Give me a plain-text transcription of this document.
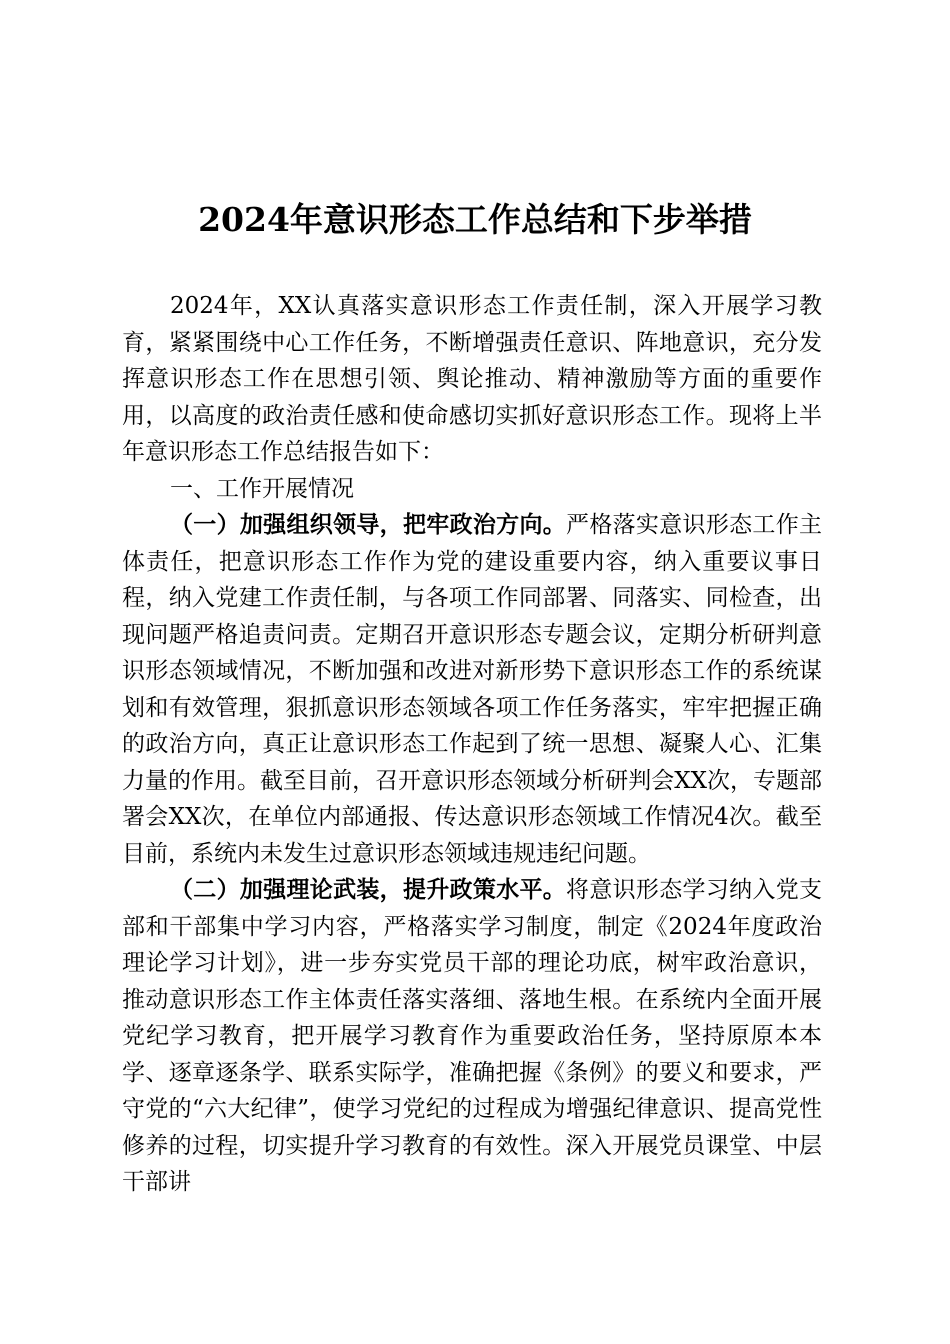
2024年意识形态工作总结和下步举措

2024年，XX认真落实意识形态工作责任制，深入开展学习教育，紧紧围绕中心工作任务，不断增强责任意识、阵地意识，充分发挥意识形态工作在思想引领、舆论推动、精神激励等方面的重要作用，以高度的政治责任感和使命感切实抓好意识形态工作。现将上半年意识形态工作总结报告如下：

一、工作开展情况

（一）加强组织领导，把牢政治方向。严格落实意识形态工作主体责任，把意识形态工作作为党的建设重要内容，纳入重要议事日程，纳入党建工作责任制，与各项工作同部署、同落实、同检查，出现问题严格追责问责。定期召开意识形态专题会议，定期分析研判意识形态领域情况，不断加强和改进对新形势下意识形态工作的系统谋划和有效管理，狠抓意识形态领域各项工作任务落实，牢牢把握正确的政治方向，真正让意识形态工作起到了统一思想、凝聚人心、汇集力量的作用。截至目前，召开意识形态领域分析研判会XX次，专题部署会XX次，在单位内部通报、传达意识形态领域工作情况4次。截至目前，系统内未发生过意识形态领域违规违纪问题。

（二）加强理论武装，提升政策水平。将意识形态学习纳入党支部和干部集中学习内容，严格落实学习制度，制定《2024年度政治理论学习计划》，进一步夯实党员干部的理论功底，树牢政治意识，推动意识形态工作主体责任落实落细、落地生根。在系统内全面开展党纪学习教育，把开展学习教育作为重要政治任务，坚持原原本本学、逐章逐条学、联系实际学，准确把握《条例》的要义和要求，严守党的“六大纪律”，使学习党纪的过程成为增强纪律意识、提高党性修养的过程，切实提升学习教育的有效性。深入开展党员课堂、中层干部讲
